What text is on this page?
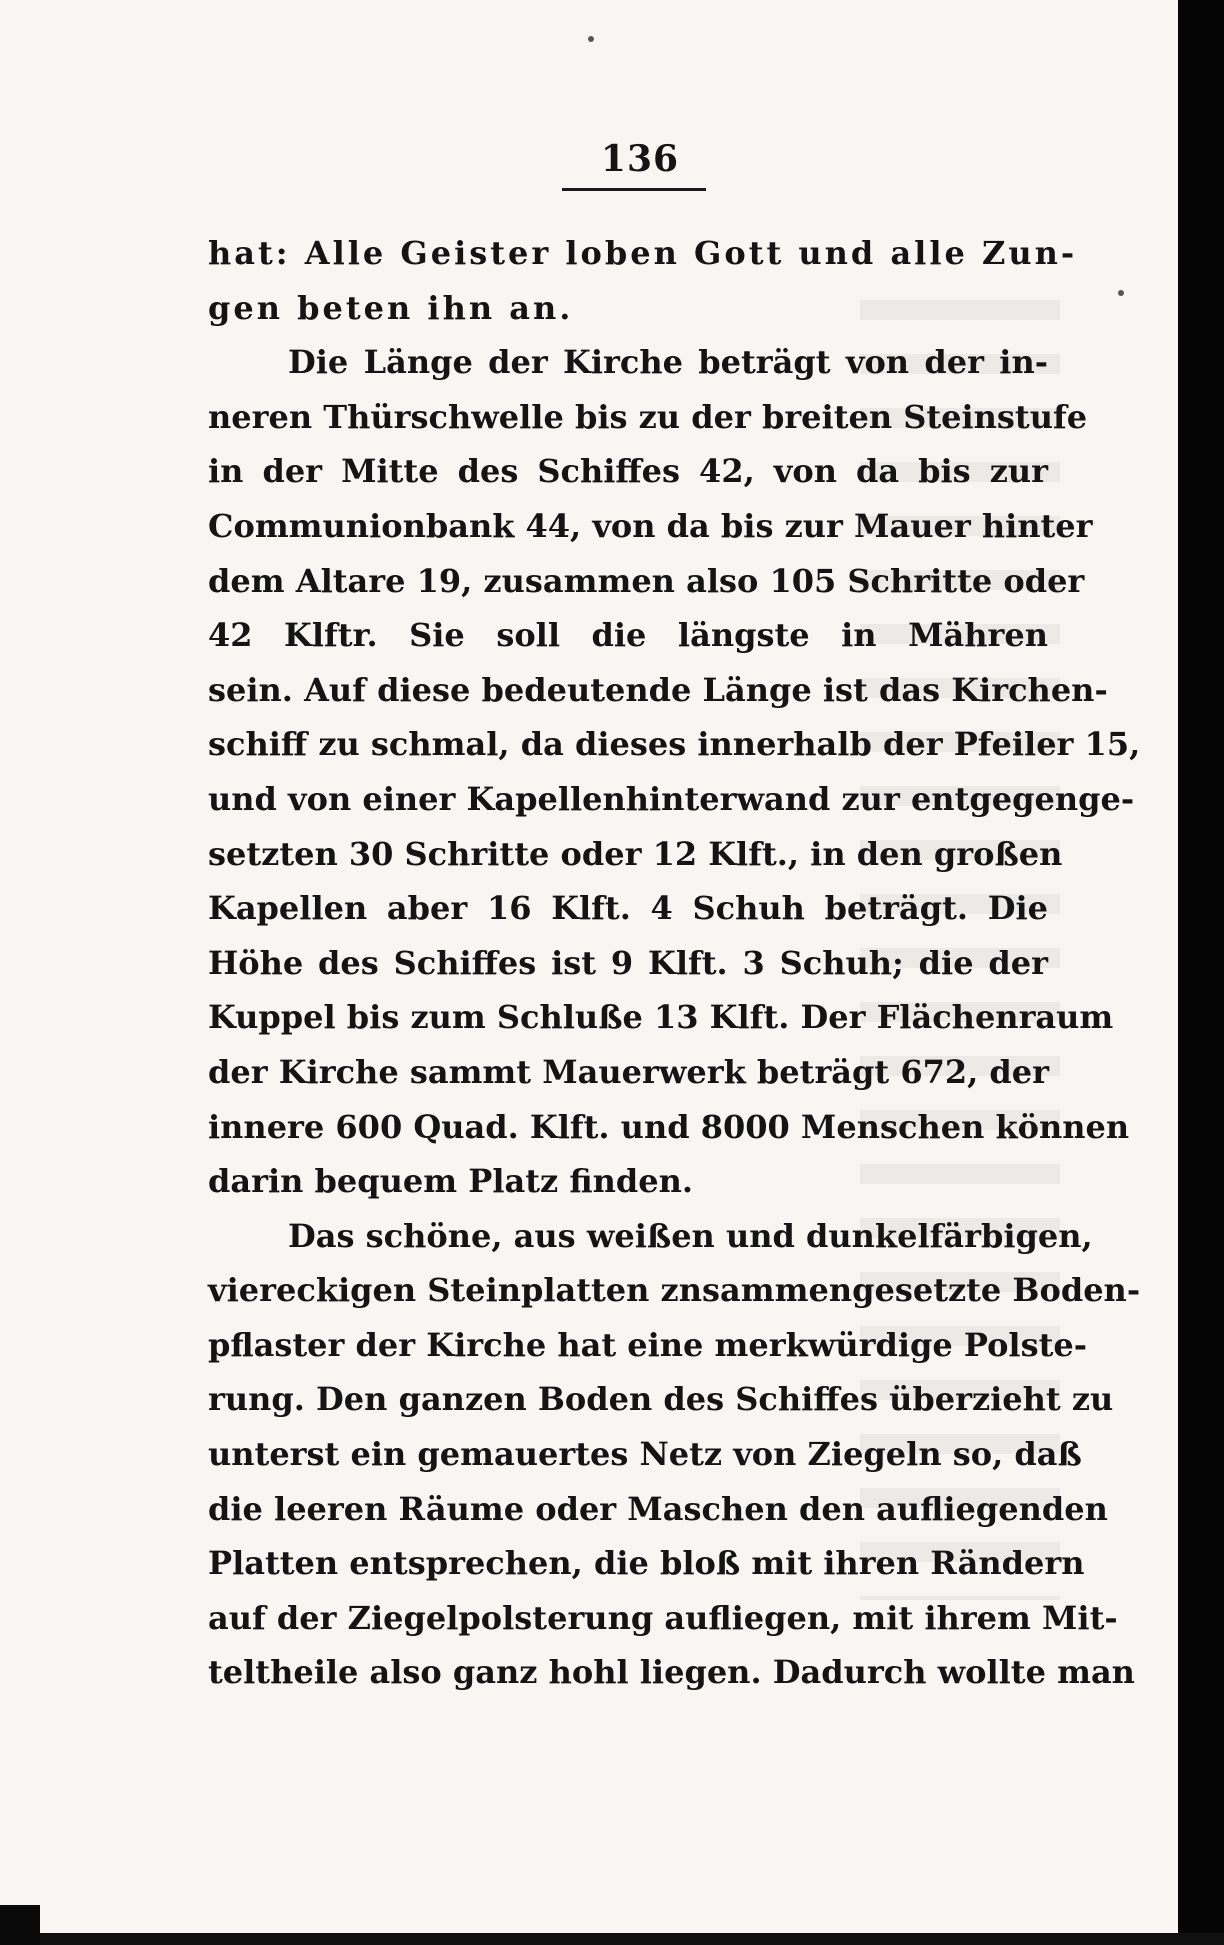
136
hat: Alle Geister loben Gott und alle Zun-
gen beten ihn an.
Die Länge der Kirche beträgt von der in-
neren Thürschwelle bis zu der breiten Steinstufe
in der Mitte des Schiffes 42, von da bis zur
Communionbank 44, von da bis zur Mauer hinter
dem Altare 19, zusammen also 105 Schritte oder
42 Klftr. Sie soll die längste in Mähren
sein. Auf diese bedeutende Länge ist das Kirchen-
schiff zu schmal, da dieses innerhalb der Pfeiler 15,
und von einer Kapellenhinterwand zur entgegenge-
setzten 30 Schritte oder 12 Klft., in den großen
Kapellen aber 16 Klft. 4 Schuh beträgt. Die
Höhe des Schiffes ist 9 Klft. 3 Schuh; die der
Kuppel bis zum Schluße 13 Klft. Der Flächenraum
der Kirche sammt Mauerwerk beträgt 672, der
innere 600 Quad. Klft. und 8000 Menschen können
darin bequem Platz finden.
Das schöne, aus weißen und dunkelfärbigen,
viereckigen Steinplatten znsammengesetzte Boden-
pflaster der Kirche hat eine merkwürdige Polste-
rung. Den ganzen Boden des Schiffes überzieht zu
unterst ein gemauertes Netz von Ziegeln so, daß
die leeren Räume oder Maschen den aufliegenden
Platten entsprechen, die bloß mit ihren Rändern
auf der Ziegelpolsterung aufliegen, mit ihrem Mit-
teltheile also ganz hohl liegen. Dadurch wollte man
